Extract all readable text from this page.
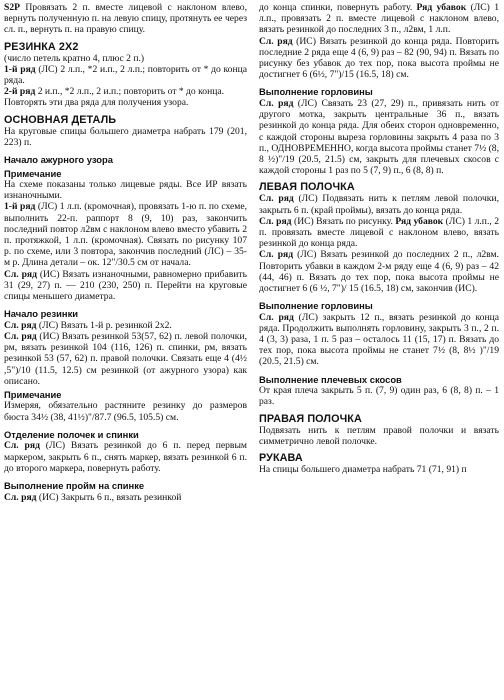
S2P Провязать 2 п. вместе лицевой с наклоном влево, вернуть полученную п. на левую спицу, протянуть ее через сл. п., вернуть п. на правую спицу.

РЕЗИНКА 2Х2

(число петель кратно 4, плюс 2 п.)

1-й ряд (ЛС) 2 л.п., *2 и.п., 2 л.п.; повторить от * до конца ряда.

2-й ряд 2 и.п., *2 л.п., 2 и.п.; повторить от * до конца.

Повторять эти два ряда для получения узора.

ОСНОВНАЯ ДЕТАЛЬ

На круговые спицы большего диаметра набрать 179 (201, 223) п.

Начало ажурного узора

Примечание

На схеме показаны только лицевые ряды. Все ИР вязать изнаночными.

1-й ряд (ЛС) 1 л.п. (кромочная), провязать 1-ю п. по схеме, выполнить 22-п. раппорт 8 (9, 10) раз, закончить последний повтор л2вм с наклоном влево вместо убавить 2 п. протяжкой, 1 л.п. (кромочная). Связать по рисунку 107 р. по схеме, или 3 повтора, закончив последний (ЛС) – 35-м р. Длина детали – ок. 12"/30.5 см от начала.

Сл. ряд (ИС) Вязать изнаночными, равномерно прибавить 31 (29, 27) п. — 210 (230, 250) п. Перейти на круговые спицы меньшего диаметра.

Начало резинки

Сл. ряд (ЛС) Вязать 1-й р. резинкой 2x2.

Сл. ряд (ИС) Вязать резинкой 53(57, 62) п. левой полочки, рм, вязать резинкой 104 (116, 126) п. спинки, рм, вязать резинкой 53 (57, 62) п. правой полочки. Связать еще 4 (4½ ,5")/10 (11.5, 12.5) см резинкой (от ажурного узора) как описано.

Примечание

Измеряя, обязательно растяните резинку до размеров бюста 34½ (38, 41½)"/87.7 (96.5, 105.5) см.

Отделение полочек и спинки

Сл. ряд (ЛС) Вязать резинкой до 6 п. перед первым маркером, закрыть 6 п., снять маркер, вязать резинкой 6 п. до второго маркера, повернуть работу.

Выполнение пройм на спинке

Сл. ряд (ИС) Закрыть 6 п., вязать резинкой

до конца спинки, повернуть работу. Ряд убавок (ЛС) 1 л.п., провязать 2 п. вместе лицевой с наклоном влево, вязать резинкой до последних 3 п., л2вм, 1 л.п.

Сл. ряд (ИС) Вязать резинкой до конца ряда. Повторить последние 2 ряда еще 4 (6, 9) раз – 82 (90, 94) п. Вязать по рисунку без убавок до тех пор, пока высота проймы не достигнет 6 (6½, 7")/15 (16.5, 18) см.

Выполнение горловины

Сл. ряд (ЛС) Связать 23 (27, 29) п., привязать нить от другого мотка, закрыть центральные 36 п., вязать резинкой до конца ряда. Для обеих сторон одновременно, с каждой стороны выреза горловины закрыть 4 раза по 3 п., ОДНОВРЕМЕННО, когда высота проймы станет 7½ (8, 8 ½)"/19 (20.5, 21.5) см, закрыть для плечевых скосов с каждой стороны 1 раз по 5 (7, 9) п., 6 (8, 8) п.

ЛЕВАЯ ПОЛОЧКА

Сл. ряд (ЛС) Подвязать нить к петлям левой полочки, закрыть 6 п. (край проймы), вязать до конца ряда.

Сл. ряд (ИС) Вязать по рисунку. Ряд убавок (ЛС) 1 л.п., 2 п. провязать вместе лицевой с наклоном влево, вязать резинкой до конца ряда.

Сл. ряд (ЛС) Вязать резинкой до последних 2 п., л2вм. Повторить убавки в каждом 2-м ряду еще 4 (6, 9) раз – 42 (44, 46) п. Вязать до тех пор, пока высота проймы не достигнет 6 (6 ½, 7")/ 15 (16.5, 18) см, закончив (ИС).

Выполнение горловины

Сл. ряд (ЛС) закрыть 12 п., вязать резинкой до конца ряда. Продолжить выполнять горловину, закрыть 3 п., 2 п. 4 (3, 3) раза, 1 п. 5 раз – осталось 11 (15, 17) п. Вязать до тех пор, пока высота проймы не станет 7½ (8, 8½ )"/19 (20.5, 21.5) см.

Выполнение плечевых скосов

От края плеча закрыть 5 п. (7, 9) один раз, 6 (8, 8) п. – 1 раз.

ПРАВАЯ ПОЛОЧКА

Подвязать нить к петлям правой полочки и вязать симметрично левой полочке.

РУКАВА

На спицы большего диаметра набрать 71 (71, 91) п
